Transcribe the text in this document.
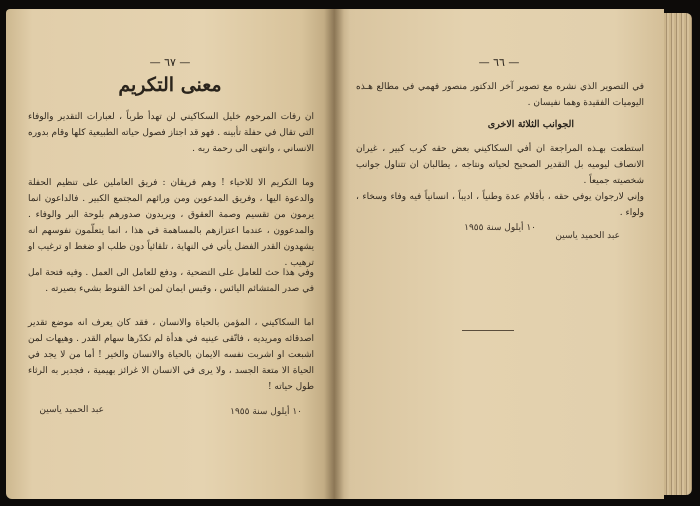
— ٦٧ —
معنى التكريم
ان رفات المرحوم خليل السكاكيني لن تهدأ طرباً ، لعبارات التقدير والوفاء التي تقال في حفلة تأبينه . فهو قد اجتاز فصول حياته الطبيعية كلها وقام بدوره الانساني ، وانتهى الى رحمة ربه .
وما التكريم الا للاحياء ! وهم فريقان : فريق العاملين على تنظيم الحفلة والدعوة اليها ، وفريق المدعوين ومن ورائهم المجتمع الكبير . فالداعون انما يرمون من تقسيم وصمة العقوق ، ويريدون صدورهم بلوحة البر والوفاء . والمدعوون ، عندما اعتزازهم بالمساهمة في هذا ، انما يتعلّمون نفوسهم انه يشهدون القدر الفضل يأتي في النهاية ، تلقائياً دون طلب او ضغط او ترغيب او ترهيب .
وفي هذا حث للعامل على التضحية ، ودفع للعامل الى العمل . وفيه فتحة امل في صدر المتشائم اليائس ، وقبس ايمان لمن اخذ القنوط بشيء بصيرته .
اما السكاكيني ، المؤمن بالحياة والانسان ، فقد كان يعرف انه موضع تقدير اصدقائه ومريديه ، فاتّقى عينيه في هدأة لم تكدّرها سهام القدر . وهيهات لمن اشبعت او اشربت نفسه الايمان بالحياة والانسان والخير ! أما من لا يجد في الحياة الا متعة الجسد ، ولا يرى في الانسان الا غرائز بهيمية ، فجدير به الرثاء طول حياته !
عبد الحميد ياسين	١٠ أيلول سنة ١٩٥٥
— ٦٦ —
في التصوير الذي نشره مع تصوير آخر الدكتور منصور فهمي في مطالع هـذه اليوميات الفقيدة وهما نفيسان .
الجوانب الثلاثة الاخرى
استطعت بهـذه المراجعة ان أفي السكاكيني بعض حقه كرب كبير ، غيران الانصاف ليوميه بل التقدير الصحيح لحياته ونتاجه ، يطالبان ان تتناول جوانب شخصيته جميعاً .
وإني لارجوان يوفي حقه ، بأقلام عدة وطنياً ، اديباً ، انسانياً فيه وفاء وسخاء ، ولواء .
١٠ أيلول سنة ١٩٥٥
عبد الحميد ياسين
